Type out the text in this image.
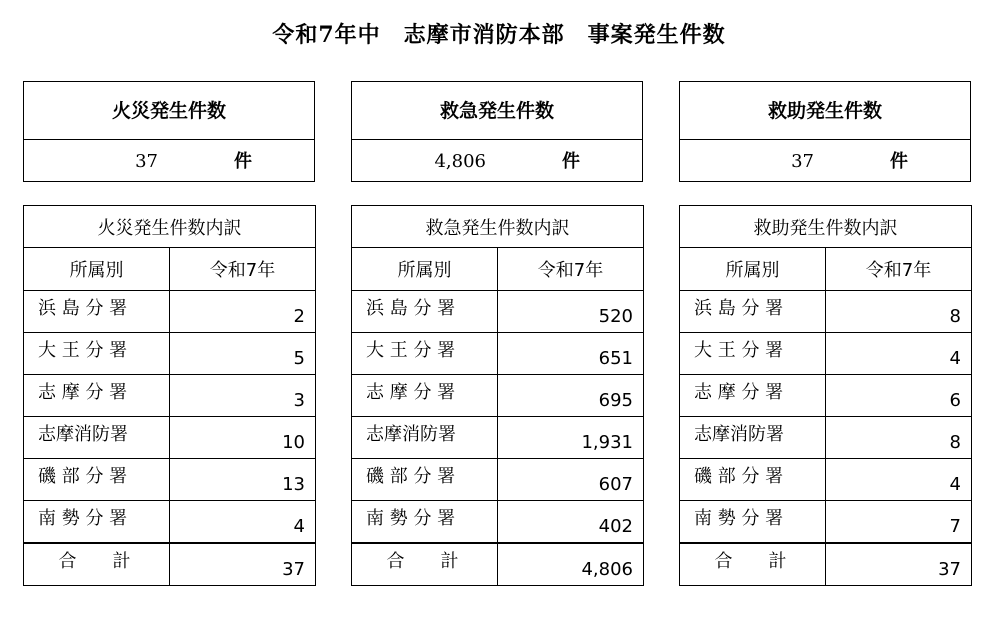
令和7年中　志摩市消防本部　事案発生件数
火災発生件数
37	件
火災発生件数内訳	
所属別	令和7年
浜 島 分 署	2
大 王 分 署	5
志 摩 分 署	3
志摩消防署	10
磯 部 分 署	13
南 勢 分 署	4
合　　計	37
救急発生件数
4,806	件
救急発生件数内訳	
所属別	令和7年
浜 島 分 署	520
大 王 分 署	651
志 摩 分 署	695
志摩消防署	1,931
磯 部 分 署	607
南 勢 分 署	402
合　　計	4,806
救助発生件数
37	件
救助発生件数内訳	
所属別	令和7年
浜 島 分 署	8
大 王 分 署	4
志 摩 分 署	6
志摩消防署	8
磯 部 分 署	4
南 勢 分 署	7
合　　計	37
